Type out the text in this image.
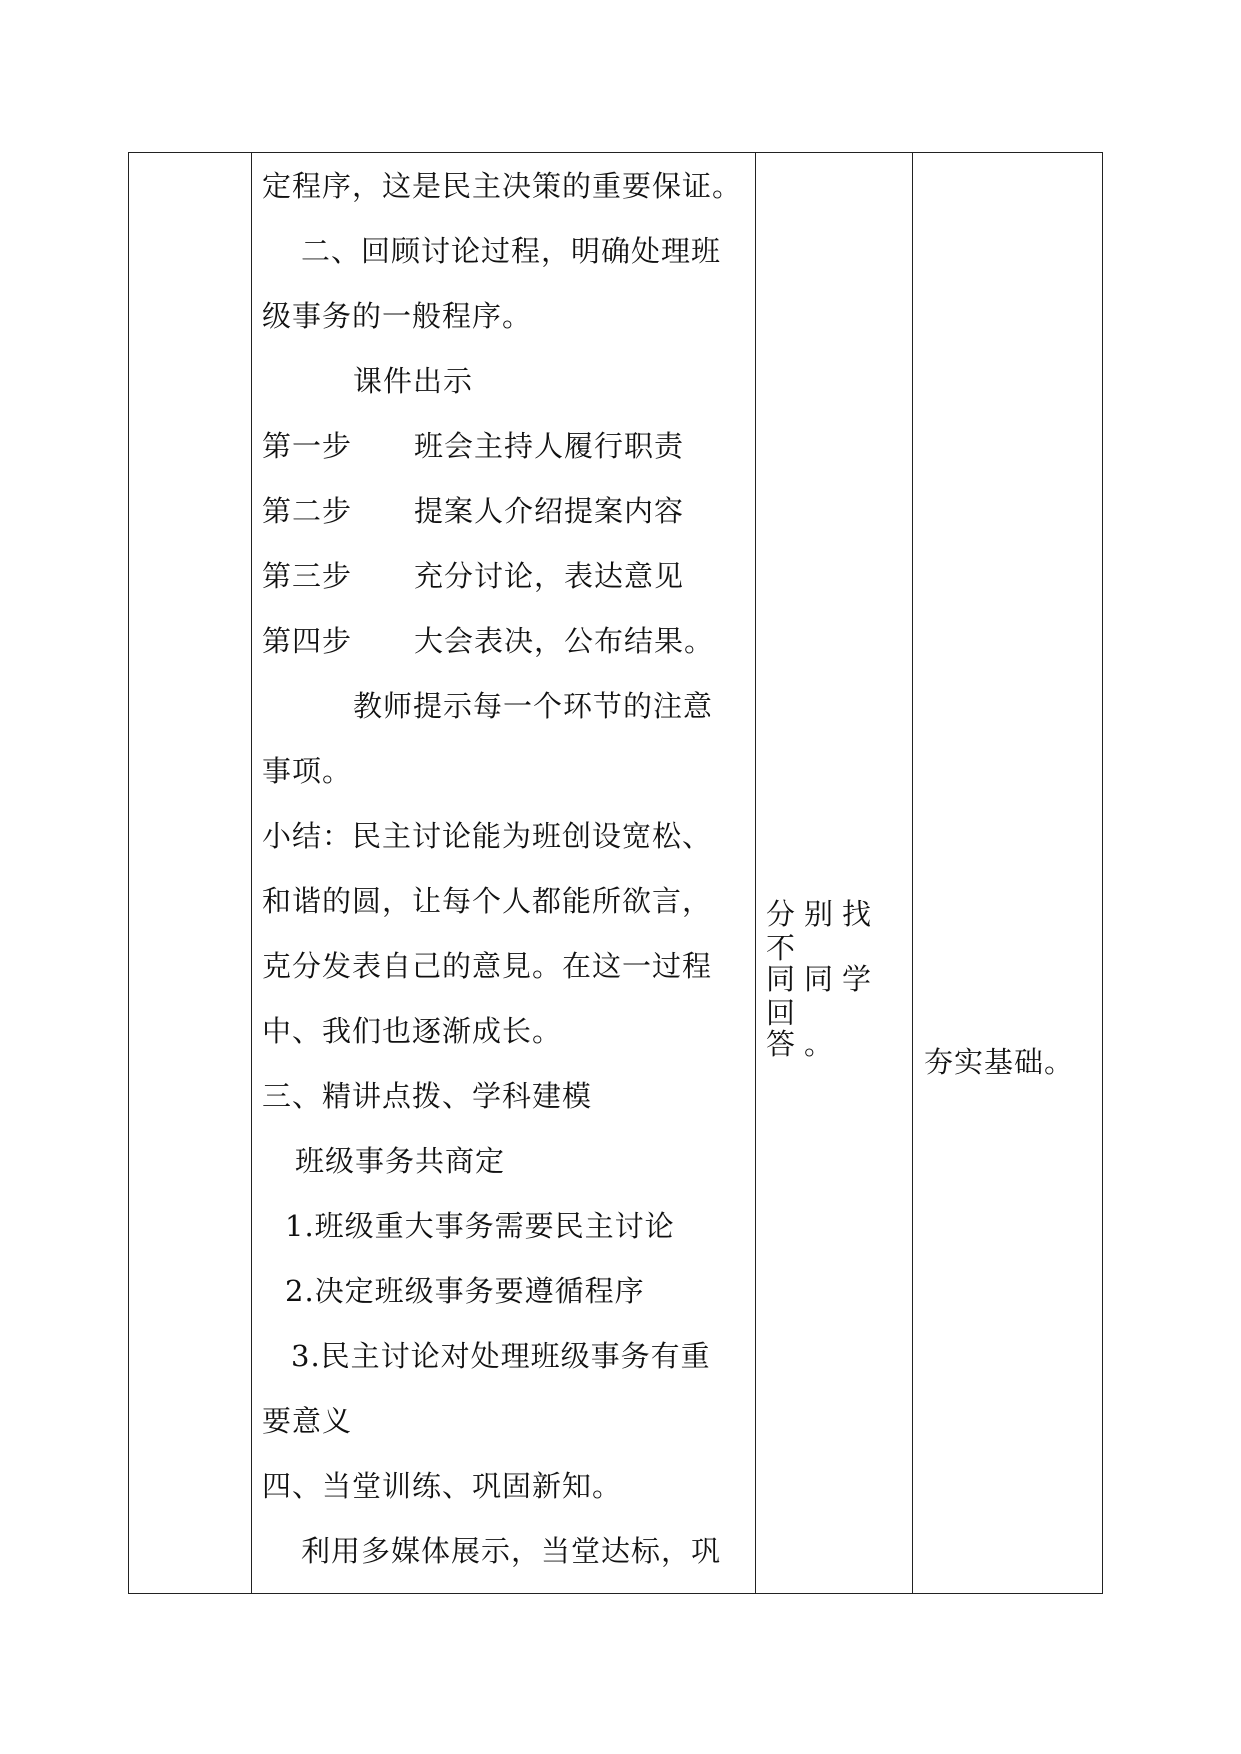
定程序，这是民主决策的重要保证。
二、回顾讨论过程，明确处理班
级事务的一般程序。
课件出示
第一步 班会主持人履行职责
第二步 提案人介绍提案内容
第三步 充分讨论，表达意见
第四步 大会表决，公布结果。
教师提示每一个环节的注意
事项。
小结：民主讨论能为班创设宽松、
和谐的圆，让每个人都能所欲言，
克分发表自己的意見。在这一过程
中、我们也逐渐成长。
三、精讲点拨、学科建模
班级事务共商定
1.班级重大事务需要民主讨论
2.决定班级事务要遵循程序
3.民主讨论对处理班级事务有重
要意义
四、当堂训练、巩固新知。
利用多媒体展示，当堂达标，巩
分别找不
同同学回
答。
夯实基础。
